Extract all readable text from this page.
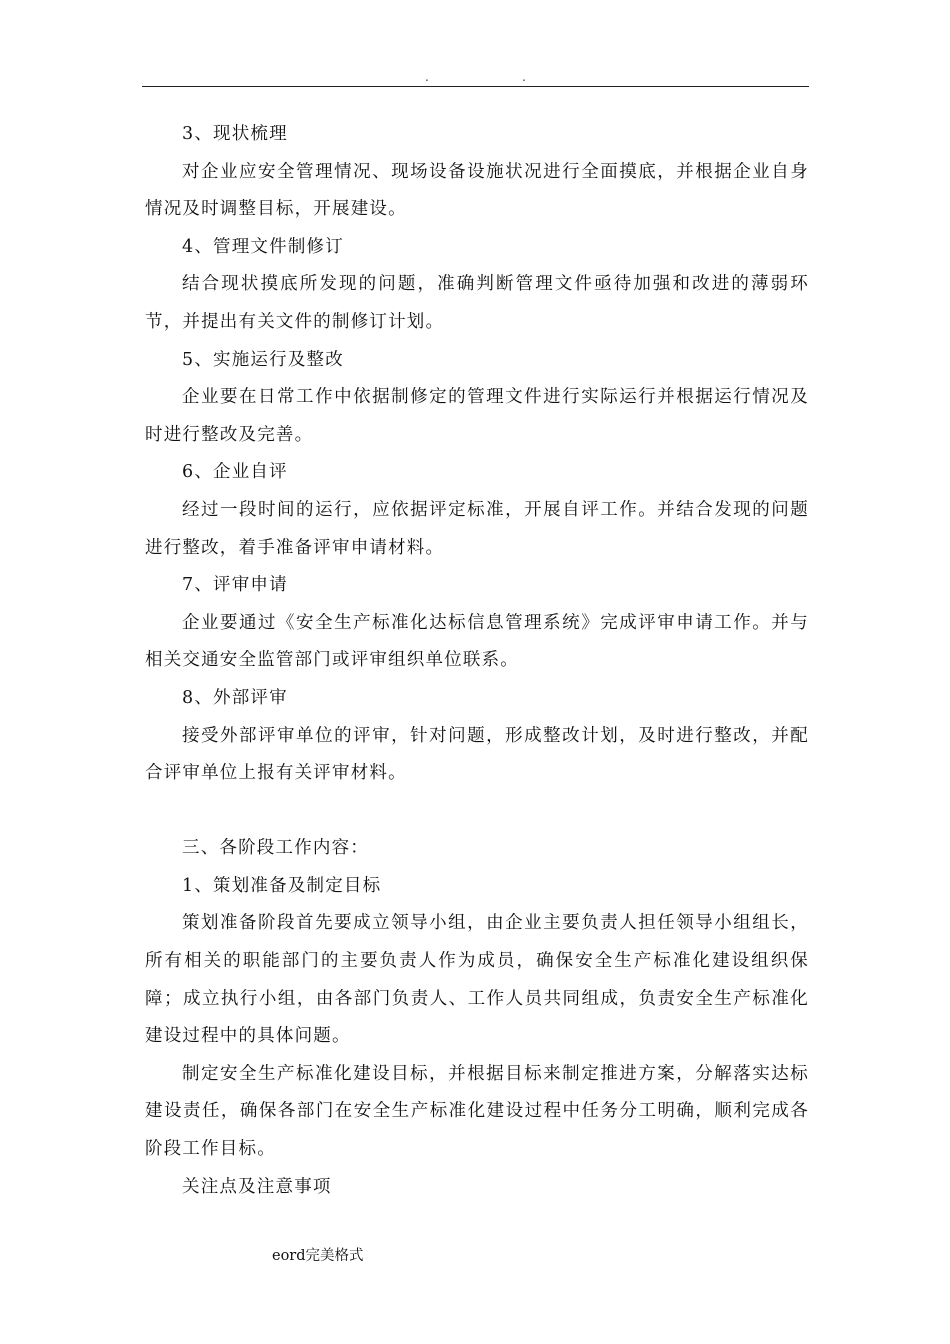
.	.
3、现状梳理
对企业应安全管理情况、现场设备设施状况进行全面摸底，并根据企业自身情况及时调整目标，开展建设。
4、管理文件制修订
结合现状摸底所发现的问题，准确判断管理文件亟待加强和改进的薄弱环节，并提出有关文件的制修订计划。
5、实施运行及整改
企业要在日常工作中依据制修定的管理文件进行实际运行并根据运行情况及时进行整改及完善。
6、企业自评
经过一段时间的运行，应依据评定标准，开展自评工作。并结合发现的问题进行整改，着手准备评审申请材料。
7、评审申请
企业要通过《安全生产标准化达标信息管理系统》完成评审申请工作。并与相关交通安全监管部门或评审组织单位联系。
8、外部评审
接受外部评审单位的评审，针对问题，形成整改计划，及时进行整改，并配合评审单位上报有关评审材料。
三、各阶段工作内容：
1、策划准备及制定目标
策划准备阶段首先要成立领导小组，由企业主要负责人担任领导小组组长，所有相关的职能部门的主要负责人作为成员，确保安全生产标准化建设组织保障；成立执行小组，由各部门负责人、工作人员共同组成，负责安全生产标准化建设过程中的具体问题。
制定安全生产标准化建设目标，并根据目标来制定推进方案，分解落实达标建设责任，确保各部门在安全生产标准化建设过程中任务分工明确，顺利完成各阶段工作目标。
关注点及注意事项
eord完美格式
